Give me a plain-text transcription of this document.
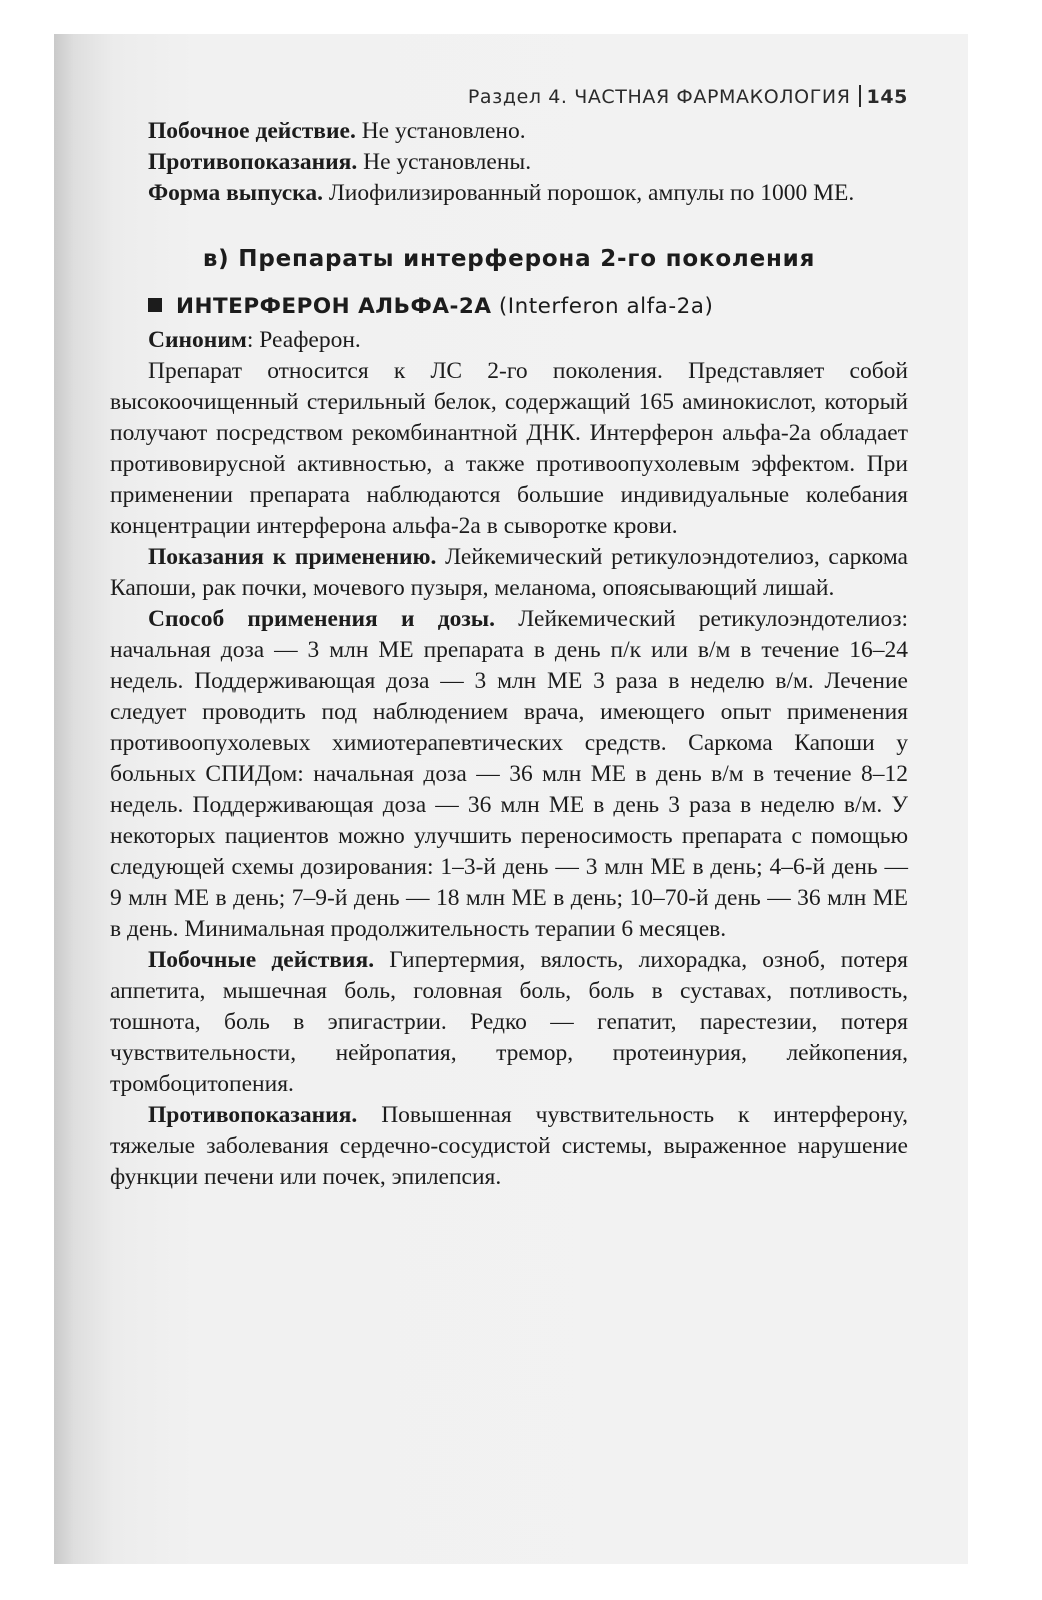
Раздел 4. ЧАСТНАЯ ФАРМАКОЛОГИЯ 145

Побочное действие. Не установлено.

Противопоказания. Не установлены.

Форма выпуска. Лиофилизированный порошок, ампулы по 1000 МЕ.

в) Препараты интерферона 2-го поколения
ИНТЕРФЕРОН АЛЬФА-2А (Interferon alfa-2a)

Синоним: Реаферон.

Препарат относится к ЛС 2-го поколения. Представляет собой высокоочищенный стерильный белок, содержащий 165 аминокислот, который получают посредством рекомбинантной ДНК. Интерферон альфа-2а обладает противовирусной активностью, а также противоопухолевым эффектом. При применении препарата наблюдаются большие индивидуальные колебания концентрации интерферона альфа-2а в сыворотке крови.

Показания к применению. Лейкемический ретикулоэндотелиоз, саркома Капоши, рак почки, мочевого пузыря, меланома, опоясывающий лишай.

Способ применения и дозы. Лейкемический ретикулоэндотелиоз: начальная доза — 3 млн МЕ препарата в день п/к или в/м в течение 16–24 недель. Поддерживающая доза — 3 млн МЕ 3 раза в неделю в/м. Лечение следует проводить под наблюдением врача, имеющего опыт применения противоопухолевых химиотерапевтических средств. Саркома Капоши у больных СПИДом: начальная доза — 36 млн МЕ в день в/м в течение 8–12 недель. Поддерживающая доза — 36 млн МЕ в день 3 раза в неделю в/м. У некоторых пациентов можно улучшить переносимость препарата с помощью следующей схемы дозирования: 1–3-й день — 3 млн МЕ в день; 4–6-й день — 9 млн МЕ в день; 7–9-й день — 18 млн МЕ в день; 10–70-й день — 36 млн МЕ в день. Минимальная продолжительность терапии 6 месяцев.

Побочные действия. Гипертермия, вялость, лихорадка, озноб, потеря аппетита, мышечная боль, головная боль, боль в суставах, потливость, тошнота, боль в эпигастрии. Редко — гепатит, парестезии, потеря чувствительности, нейропатия, тремор, протеинурия, лейкопения, тромбоцитопения.

Противопоказания. Повышенная чувствительность к интерферону, тяжелые заболевания сердечно-сосудистой системы, выраженное нарушение функции печени или почек, эпилепсия.
